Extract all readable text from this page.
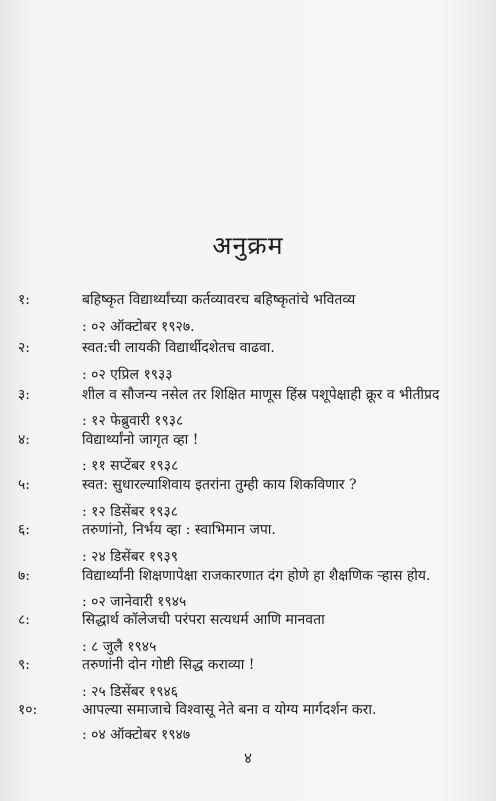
अनुक्रम
१:	बहिष्कृत विद्यार्थ्यांच्या कर्तव्यावरच बहिष्कृतांचे भवितव्य
: ०२ ऑक्टोबर १९२७.
२:	स्वत:ची लायकी विद्यार्थीदशेतच वाढवा.
: ०२ एप्रिल १९३३
३:	शील व सौजन्य नसेल तर शिक्षित माणूस हिंस्र पशूपेक्षाही क्रूर व भीतीप्रद
: १२ फेब्रुवारी १९३८
४:	विद्यार्थ्यांनो जागृत व्हा !
: ११ सप्टेंबर १९३८
५:	स्वत: सुधारल्याशिवाय इतरांना तुम्ही काय शिकविणार ?
: १२ डिसेंबर १९३८
६:	तरुणांनो, निर्भय व्हा : स्वाभिमान जपा.
: २४ डिसेंबर १९३९
७:	विद्यार्थ्यांनी शिक्षणापेक्षा राजकारणात दंग होणे हा शैक्षणिक ऱ्हास होय.
: ०२ जानेवारी १९४५
८:	सिद्धार्थ कॉलेजची परंपरा सत्यधर्म आणि मानवता
: ८ जुलै १९४५
९:	तरुणांनी दोन गोष्टी सिद्ध कराव्या !
: २५ डिसेंबर १९४६
१०:	आपल्या समाजाचे विश्वासू नेते बना व योग्य मार्गदर्शन करा.
: ०४ ऑक्टोबर १९४७
४
